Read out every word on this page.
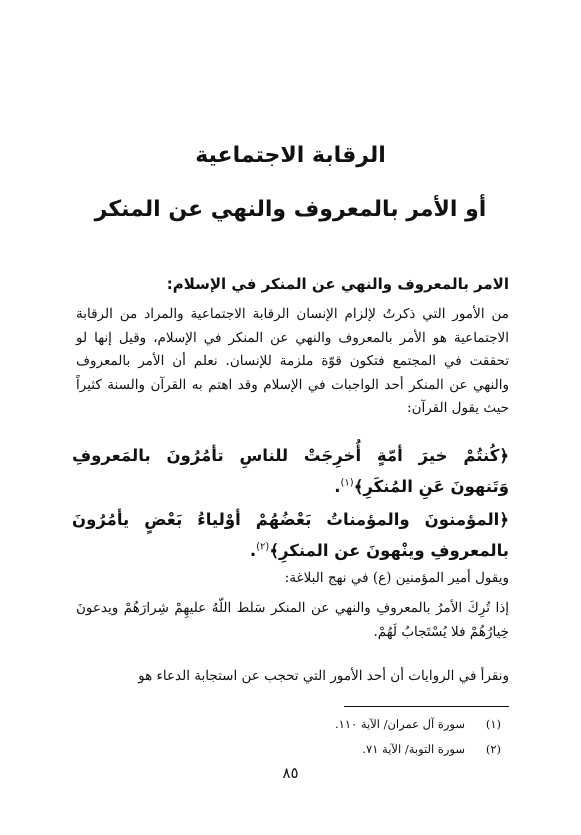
الرقابة الاجتماعية
أو الأمر بالمعروف والنهي عن المنكر
الامر بالمعروف والنهي عن المنكر في الإسلام:
من الأمور التي ذكرتُ لإلزام الإنسان الرقابة الاجتماعية والمراد من الرقابة الاجتماعية هو الأمر بالمعروف والنهي عن المنكر في الإسلام، وقيل إنها لو تحققت في المجتمع فتكون قوّة ملزمة للإنسان. نعلم أن الأمر بالمعروف والنهي عن المنكر أحد الواجبات في الإسلام وقد اهتم به القرآن والسنة كثيراً حيث يقول القرآن:
﴿كُنتُمْ خيرَ أمّةٍ أُخرِجَتْ للناسِ تأمُرُونَ بالمَعروفِ وَتَنهونَ عَنِ المُنكَرِ﴾$^{(١)}$.
﴿المؤمنونَ والمؤمناتُ بَعْضُهُمْ أوْلياءُ بَعْضٍ يأمُرُونَ بالمعروفِ وينْهونَ عن المنكرِ﴾$^{(٢)}$.
ويقول أمير المؤمنين (ع) في نهج البلاغة:
إذا تُرِكَ الأمرُ بالمعروفِ والنهي عن المنكر سَلط اللّهُ عليهِمْ شِرارَهُمْ ويدعونَ خِيارُهُمْ فلا يُسْتَجابُ لَهُمْ.
ونقرأ في الروايات أن أحد الأمور التي تحجب عن استجابة الدعاء هو
(١)سورة آل عمران/ الآية ١١٠.
(٢)سورة التوبة/ الآية ٧١.
٨٥
